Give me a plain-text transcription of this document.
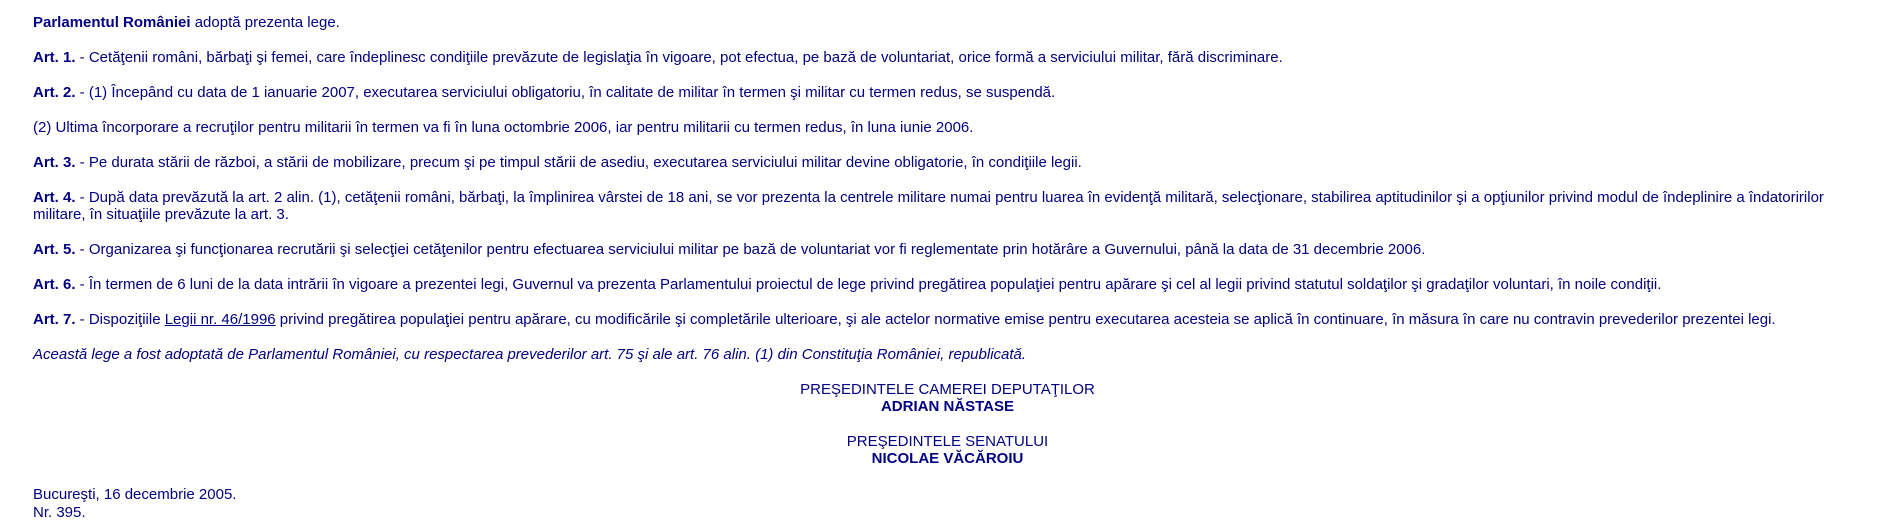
Parlamentul României adoptă prezenta lege.

Art. 1. - Cetăţenii români, bărbaţi şi femei, care îndeplinesc condiţiile prevăzute de legislaţia în vigoare, pot efectua, pe bază de voluntariat, orice formă a serviciului militar, fără discriminare.

Art. 2. - (1) Începând cu data de 1 ianuarie 2007, executarea serviciului obligatoriu, în calitate de militar în termen şi militar cu termen redus, se suspendă.

(2) Ultima încorporare a recruţilor pentru militarii în termen va fi în luna octombrie 2006, iar pentru militarii cu termen redus, în luna iunie 2006.

Art. 3. - Pe durata stării de război, a stării de mobilizare, precum şi pe timpul stării de asediu, executarea serviciului militar devine obligatorie, în condiţiile legii.

Art. 4. - După data prevăzută la art. 2 alin. (1), cetăţenii români, bărbaţi, la împlinirea vârstei de 18 ani, se vor prezenta la centrele militare numai pentru luarea în evidenţă militară, selecţionare, stabilirea aptitudinilor şi a opţiunilor privind modul de îndeplinire a îndatoririlor militare, în situaţiile prevăzute la art. 3.

Art. 5. - Organizarea şi funcţionarea recrutării şi selecţiei cetăţenilor pentru efectuarea serviciului militar pe bază de voluntariat vor fi reglementate prin hotărâre a Guvernului, până la data de 31 decembrie 2006.

Art. 6. - În termen de 6 luni de la data intrării în vigoare a prezentei legi, Guvernul va prezenta Parlamentului proiectul de lege privind pregătirea populaţiei pentru apărare şi cel al legii privind statutul soldaţilor şi gradaţilor voluntari, în noile condiţii.

Art. 7. - Dispoziţiile Legii nr. 46/1996 privind pregătirea populaţiei pentru apărare, cu modificările şi completările ulterioare, şi ale actelor normative emise pentru executarea acesteia se aplică în continuare, în măsura în care nu contravin prevederilor prezentei legi.

Această lege a fost adoptată de Parlamentul României, cu respectarea prevederilor art. 75 şi ale art. 76 alin. (1) din Constituţia României, republicată.

PREŞEDINTELE CAMEREI DEPUTAŢILOR
ADRIAN NĂSTASE
PREŞEDINTELE SENATULUI
NICOLAE VĂCĂROIU
Bucureşti, 16 decembrie 2005.
Nr. 395.
